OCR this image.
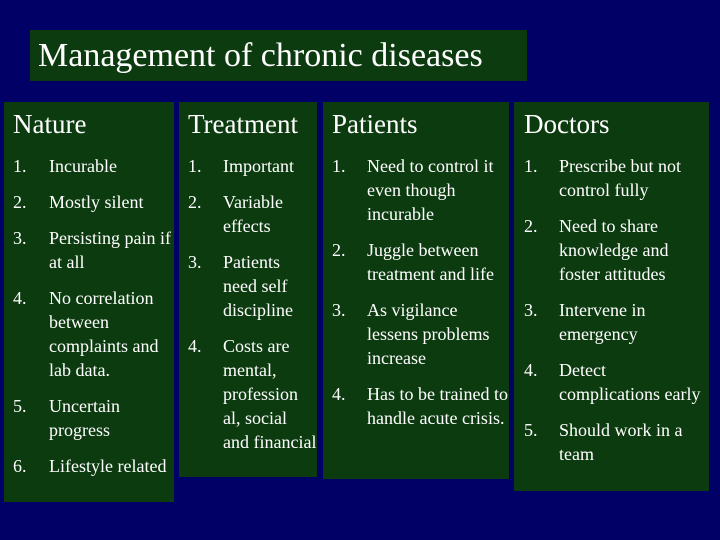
Management of chronic diseases
Nature
1. Incurable
2. Mostly silent
3. Persisting pain if at all
4. No correlation between complaints and lab data.
5. Uncertain progress
6. Lifestyle related
Treatment
1. Important
2. Variable effects
3. Patients need self discipline
4. Costs are mental, profession al, social and financial
Patients
1. Need to control it even though incurable
2. Juggle between treatment and life
3. As vigilance lessens problems increase
4. Has to be trained to handle acute crisis.
Doctors
1. Prescribe but not control fully
2. Need to share knowledge and foster attitudes
3. Intervene in emergency
4. Detect complications early
5. Should work in a team
